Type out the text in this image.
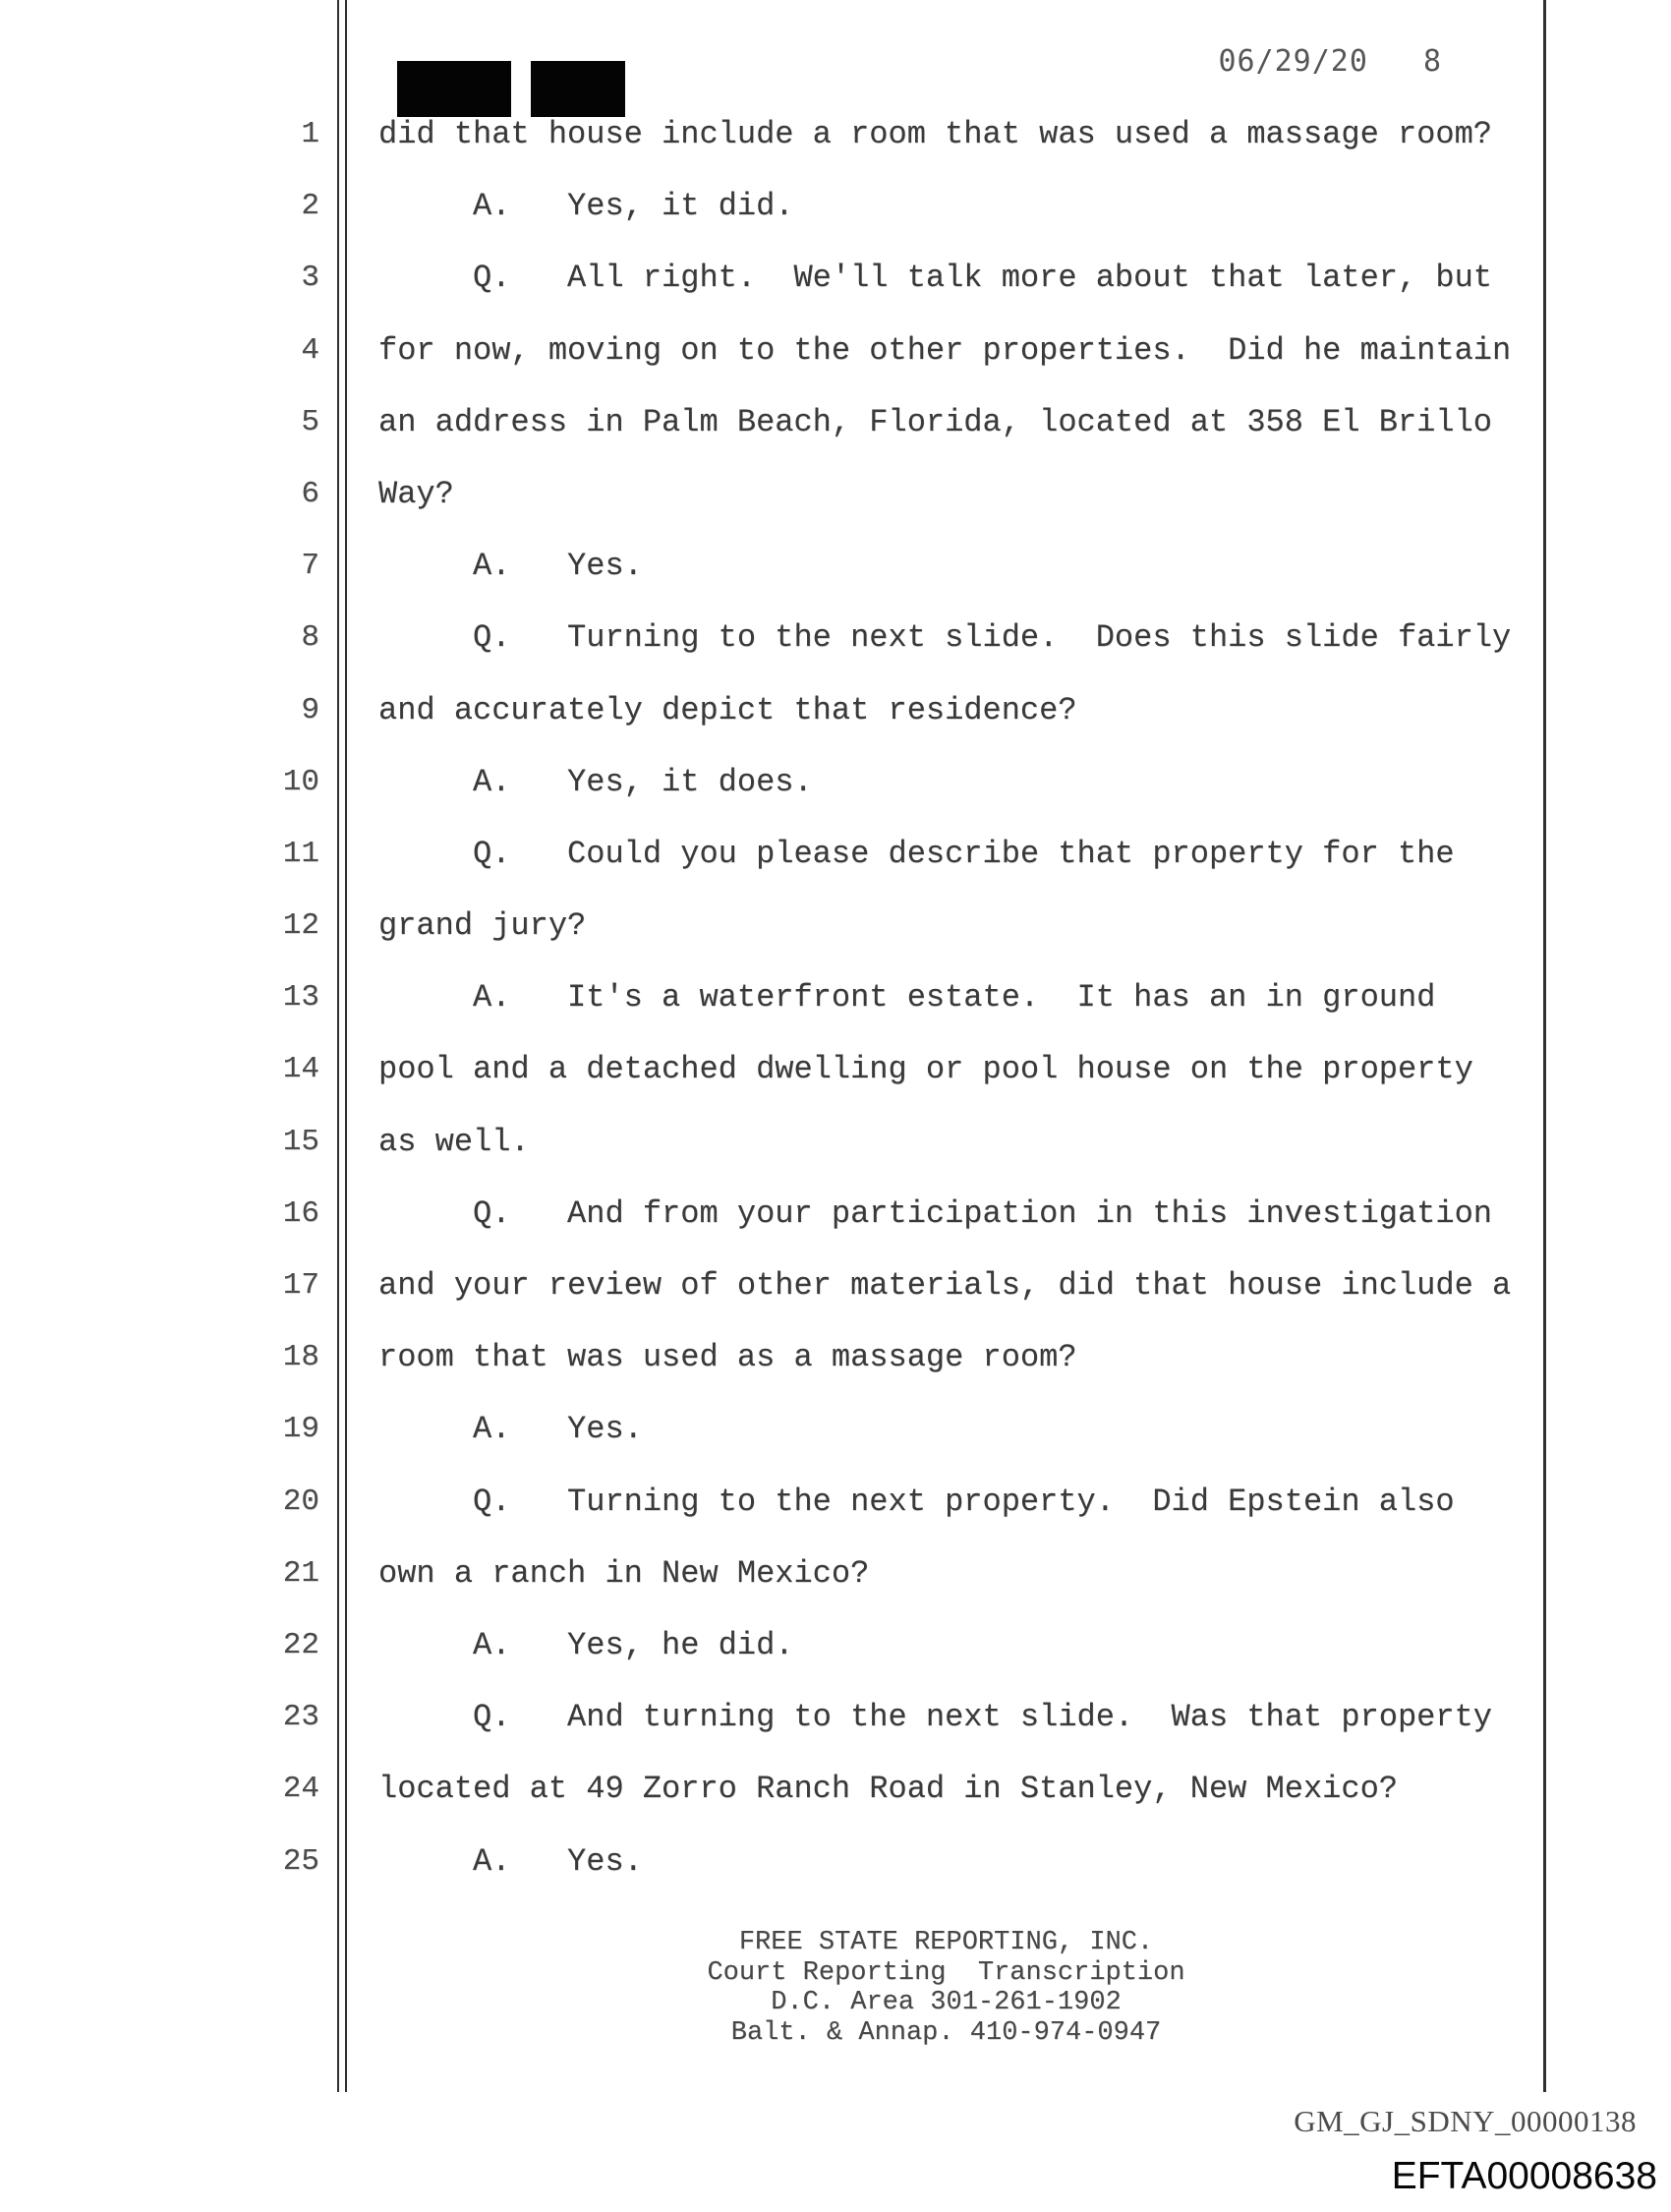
06/29/20 8
1 did that house include a room that was used a massage room?
2 A.   Yes, it did.
3 Q.   All right.  We'll talk more about that later, but
4 for now, moving on to the other properties.  Did he maintain
5 an address in Palm Beach, Florida, located at 358 El Brillo
6 Way?
7 A.   Yes.
8 Q.   Turning to the next slide.  Does this slide fairly
9 and accurately depict that residence?
10 A.   Yes, it does.
11 Q.   Could you please describe that property for the
12 grand jury?
13 A.   It's a waterfront estate.  It has an in ground
14 pool and a detached dwelling or pool house on the property
15 as well.
16 Q.   And from your participation in this investigation
17 and your review of other materials, did that house include a
18 room that was used as a massage room?
19 A.   Yes.
20 Q.   Turning to the next property.  Did Epstein also
21 own a ranch in New Mexico?
22 A.   Yes, he did.
23 Q.   And turning to the next slide.  Was that property
24 located at 49 Zorro Ranch Road in Stanley, New Mexico?
25 A.   Yes.
FREE STATE REPORTING, INC.
Court Reporting  Transcription
D.C. Area 301-261-1902
Balt. & Annap. 410-974-0947
GM_GJ_SDNY_00000138
EFTA00008638
